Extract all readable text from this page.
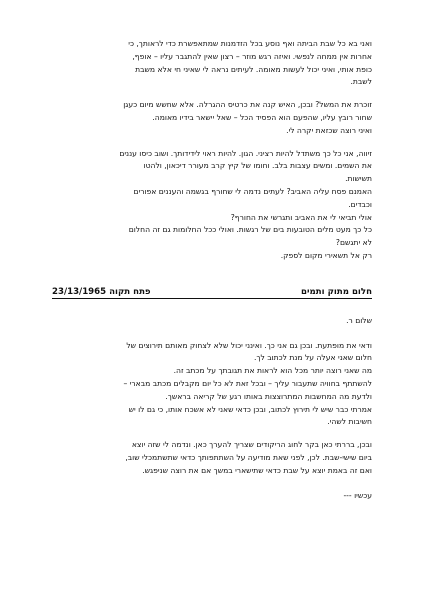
ואני בא כל שבת הביתה ואף נוסע בכל הזדמנות שמתאפשרת כדי לראותך, כי

אחרות אין ממחה לנפשי. ואיזה רגש מוזר – רצון שאין להתגבר עליו – אופף,

כופת אותי, ואיני יכול לעשות מאומה. לעיתים נראה לי שאיני חי אלא משבת

לשבת.

זוכרת את המשל? ובכן, האיש קנה את כרטיס ההגרלה. אלא שחשש מיום כעגן

שחור רובץ עליו, שהפעם הוא הפסיד הכל – שאל יישאר בידיו מאומה.

ואיני רוצה שכזאת יקרה לי.

זיווה, אני כל כך משתדל להיות רציני. הגון. להיות ראוי לידידותך. ושוב כיסו עננים

את השמים. ומשים עצבות בלב. וחומו של קיץ קרב מעורר דיכאון, ולהטו

תשישות.

האמנם פסח עליה האביב? לעתים נדמה לי שחורף בגשמה והעננים אפורים

וכבדים.

אולי תביאי לי את האביב ותגרשי את החורף?

כל כך מעט מלים הטובעות בים של רגשות. ואולי ככל החלומות גם זה החלום

לא יתגשם?

רק אל תשאירי מקום לספק.

חלום מתוק ותמים
פתח תקוה 23/13/1965

שלום ר.

ודאי את מופתעת. ובכן גם אני כך. ואינני יכול שלא לצחוק מאותם תירוצים של

חלום שאני אעלה על מנת לכתוב לך.

מה שאני רוצה יותר מכל הוא לראות את תגובתך על מכתב זה.

להשתתף בחוויה שתעבור עליך – ובכל זאת לא כל יום מקבלים מכתב מבארי –

ולדעת מה המחשבות המתרוצצות באותו רגע של קריאה בראשך.

אמרתי כבר שיש לי תירוץ לכתוב, ובכן כדאי שאני לא אשכח אותו, כי גם לו יש

חשיבות לשהי.

ובכן, בררתי כאן בקר לחוג הריקודים שצריך להערך כאן. ונדמה לי שזה יוצא

ביום שישי-שבת. לכן, לפני שאת מודיעה על השתתפותך כדאי שתשתמכלי שוב,

ואם זה באמת יוצא על שבת כדאי שתישארי במשך אם את רוצה שניפגש.

עכשיו ---
